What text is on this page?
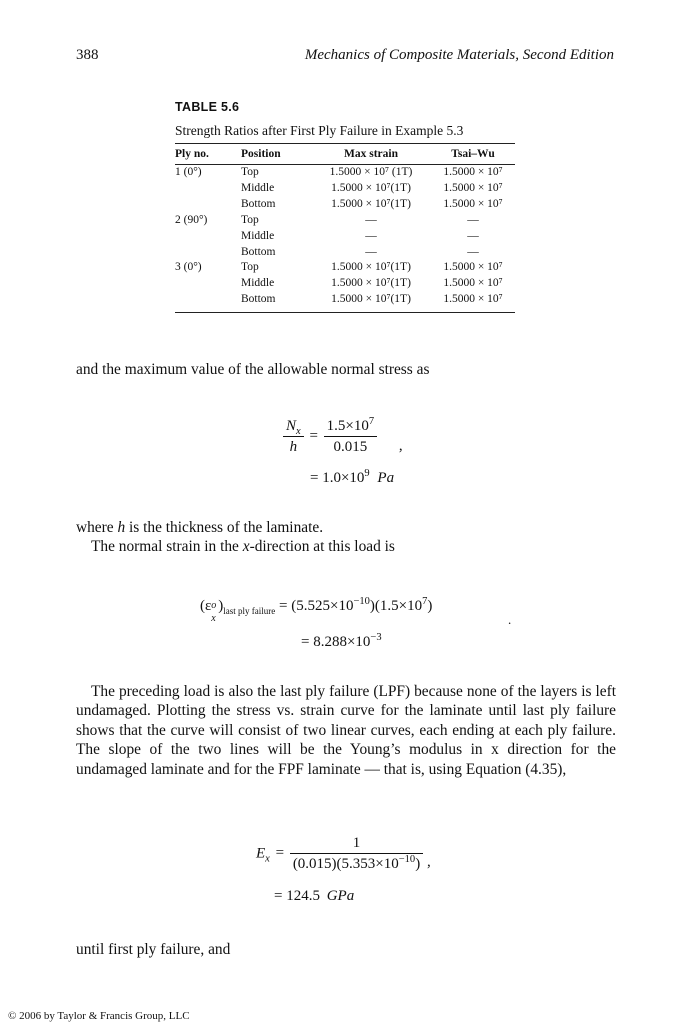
388	Mechanics of Composite Materials, Second Edition
TABLE 5.6
Strength Ratios after First Ply Failure in Example 5.3
Ply no.	Position	Max strain	Tsai–Wu
1 (0°)	Top	1.5000 × 10⁷ (1T)	1.5000 × 10⁷
	Middle	1.5000 × 10⁷(1T)	1.5000 × 10⁷
	Bottom	1.5000 × 10⁷(1T)	1.5000 × 10⁷
2 (90°)	Top	—	—
	Middle	—	—
	Bottom	—	—
3 (0°)	Top	1.5000 × 10⁷(1T)	1.5000 × 10⁷
	Middle	1.5000 × 10⁷(1T)	1.5000 × 10⁷
	Bottom	1.5000 × 10⁷(1T)	1.5000 × 10⁷
and the maximum value of the allowable normal stress as
$\frac{N_x}{h} = \frac{1.5\times 10^7}{0.015}$ ,
= $1.0\times 10^9$ Pa
where h is the thickness of the laminate.
The normal strain in the x-direction at this load is
(ε o
x
)$_{last ply failure} = (5.525\times 10^{-10})(1.5\times 10^7)$
.
= $8.288\times 10^{-3}$
The preceding load is also the last ply failure (LPF) because none of the layers is left undamaged. Plotting the stress vs. strain curve for the laminate until last ply failure shows that the curve will consist of two linear curves, each ending at each ply failure. The slope of the two lines will be the Young’s modulus in x direction for the undamaged laminate and for the FPF laminate — that is, using Equation (4.35),
$E_x = \frac{1}{(0.015)(5.353\times 10^{-10})}$ ,
= 124.5 GPa
until first ply failure, and
© 2006 by Taylor & Francis Group, LLC
